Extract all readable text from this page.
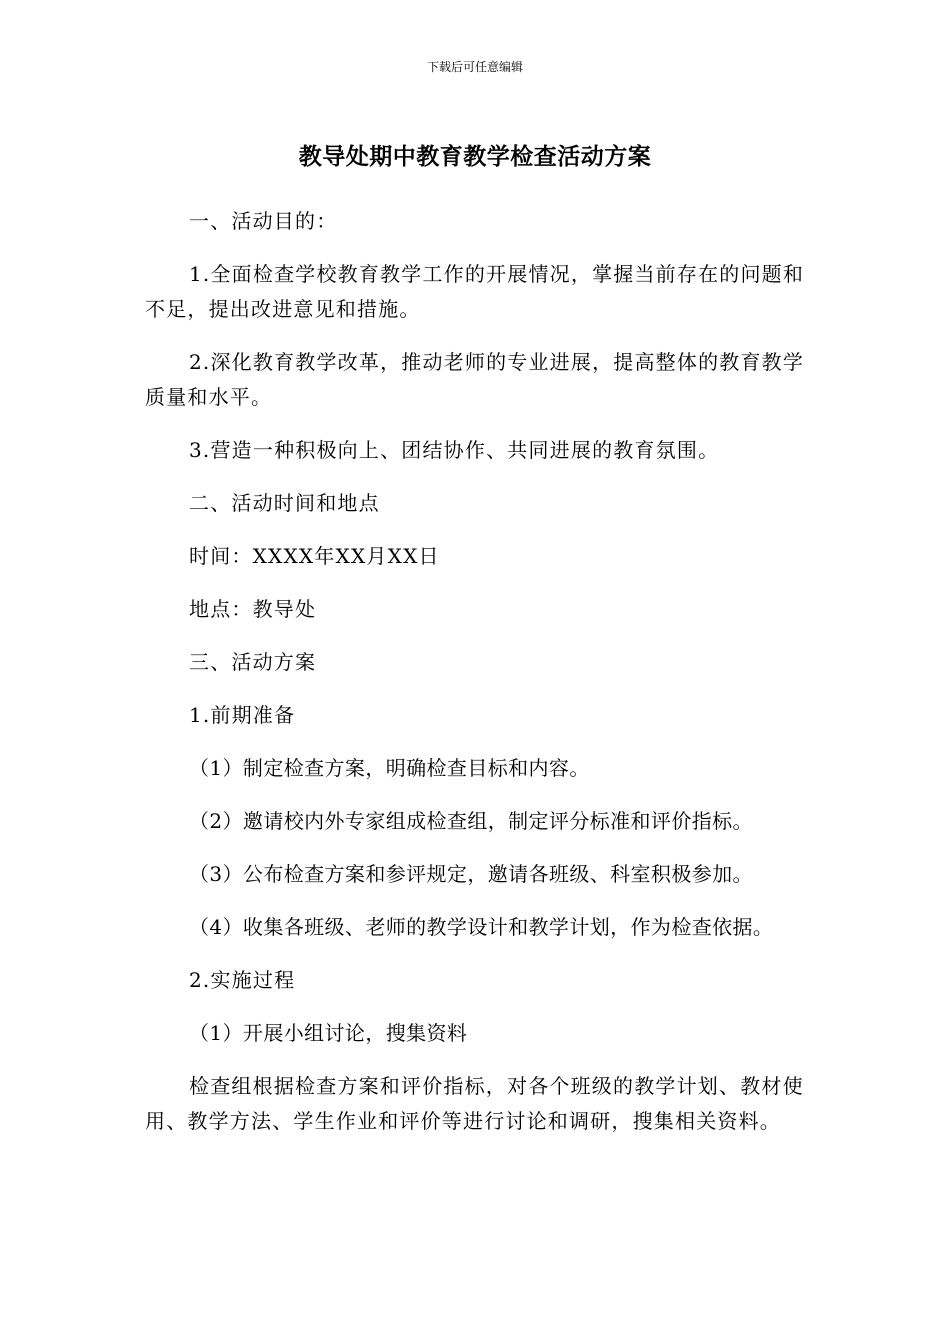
下载后可任意编辑
教导处期中教育教学检查活动方案

一、活动目的：

1.全面检查学校教育教学工作的开展情况，掌握当前存在的问题和不足，提出改进意见和措施。

2.深化教育教学改革，推动老师的专业进展，提高整体的教育教学质量和水平。

3.营造一种积极向上、团结协作、共同进展的教育氛围。

二、活动时间和地点

时间：XXXX年XX月XX日

地点：教导处

三、活动方案

1.前期准备

（1）制定检查方案，明确检查目标和内容。

（2）邀请校内外专家组成检查组，制定评分标准和评价指标。

（3）公布检查方案和参评规定，邀请各班级、科室积极参加。

（4）收集各班级、老师的教学设计和教学计划，作为检查依据。

2.实施过程

（1）开展小组讨论，搜集资料

检查组根据检查方案和评价指标，对各个班级的教学计划、教材使用、教学方法、学生作业和评价等进行讨论和调研，搜集相关资料。
